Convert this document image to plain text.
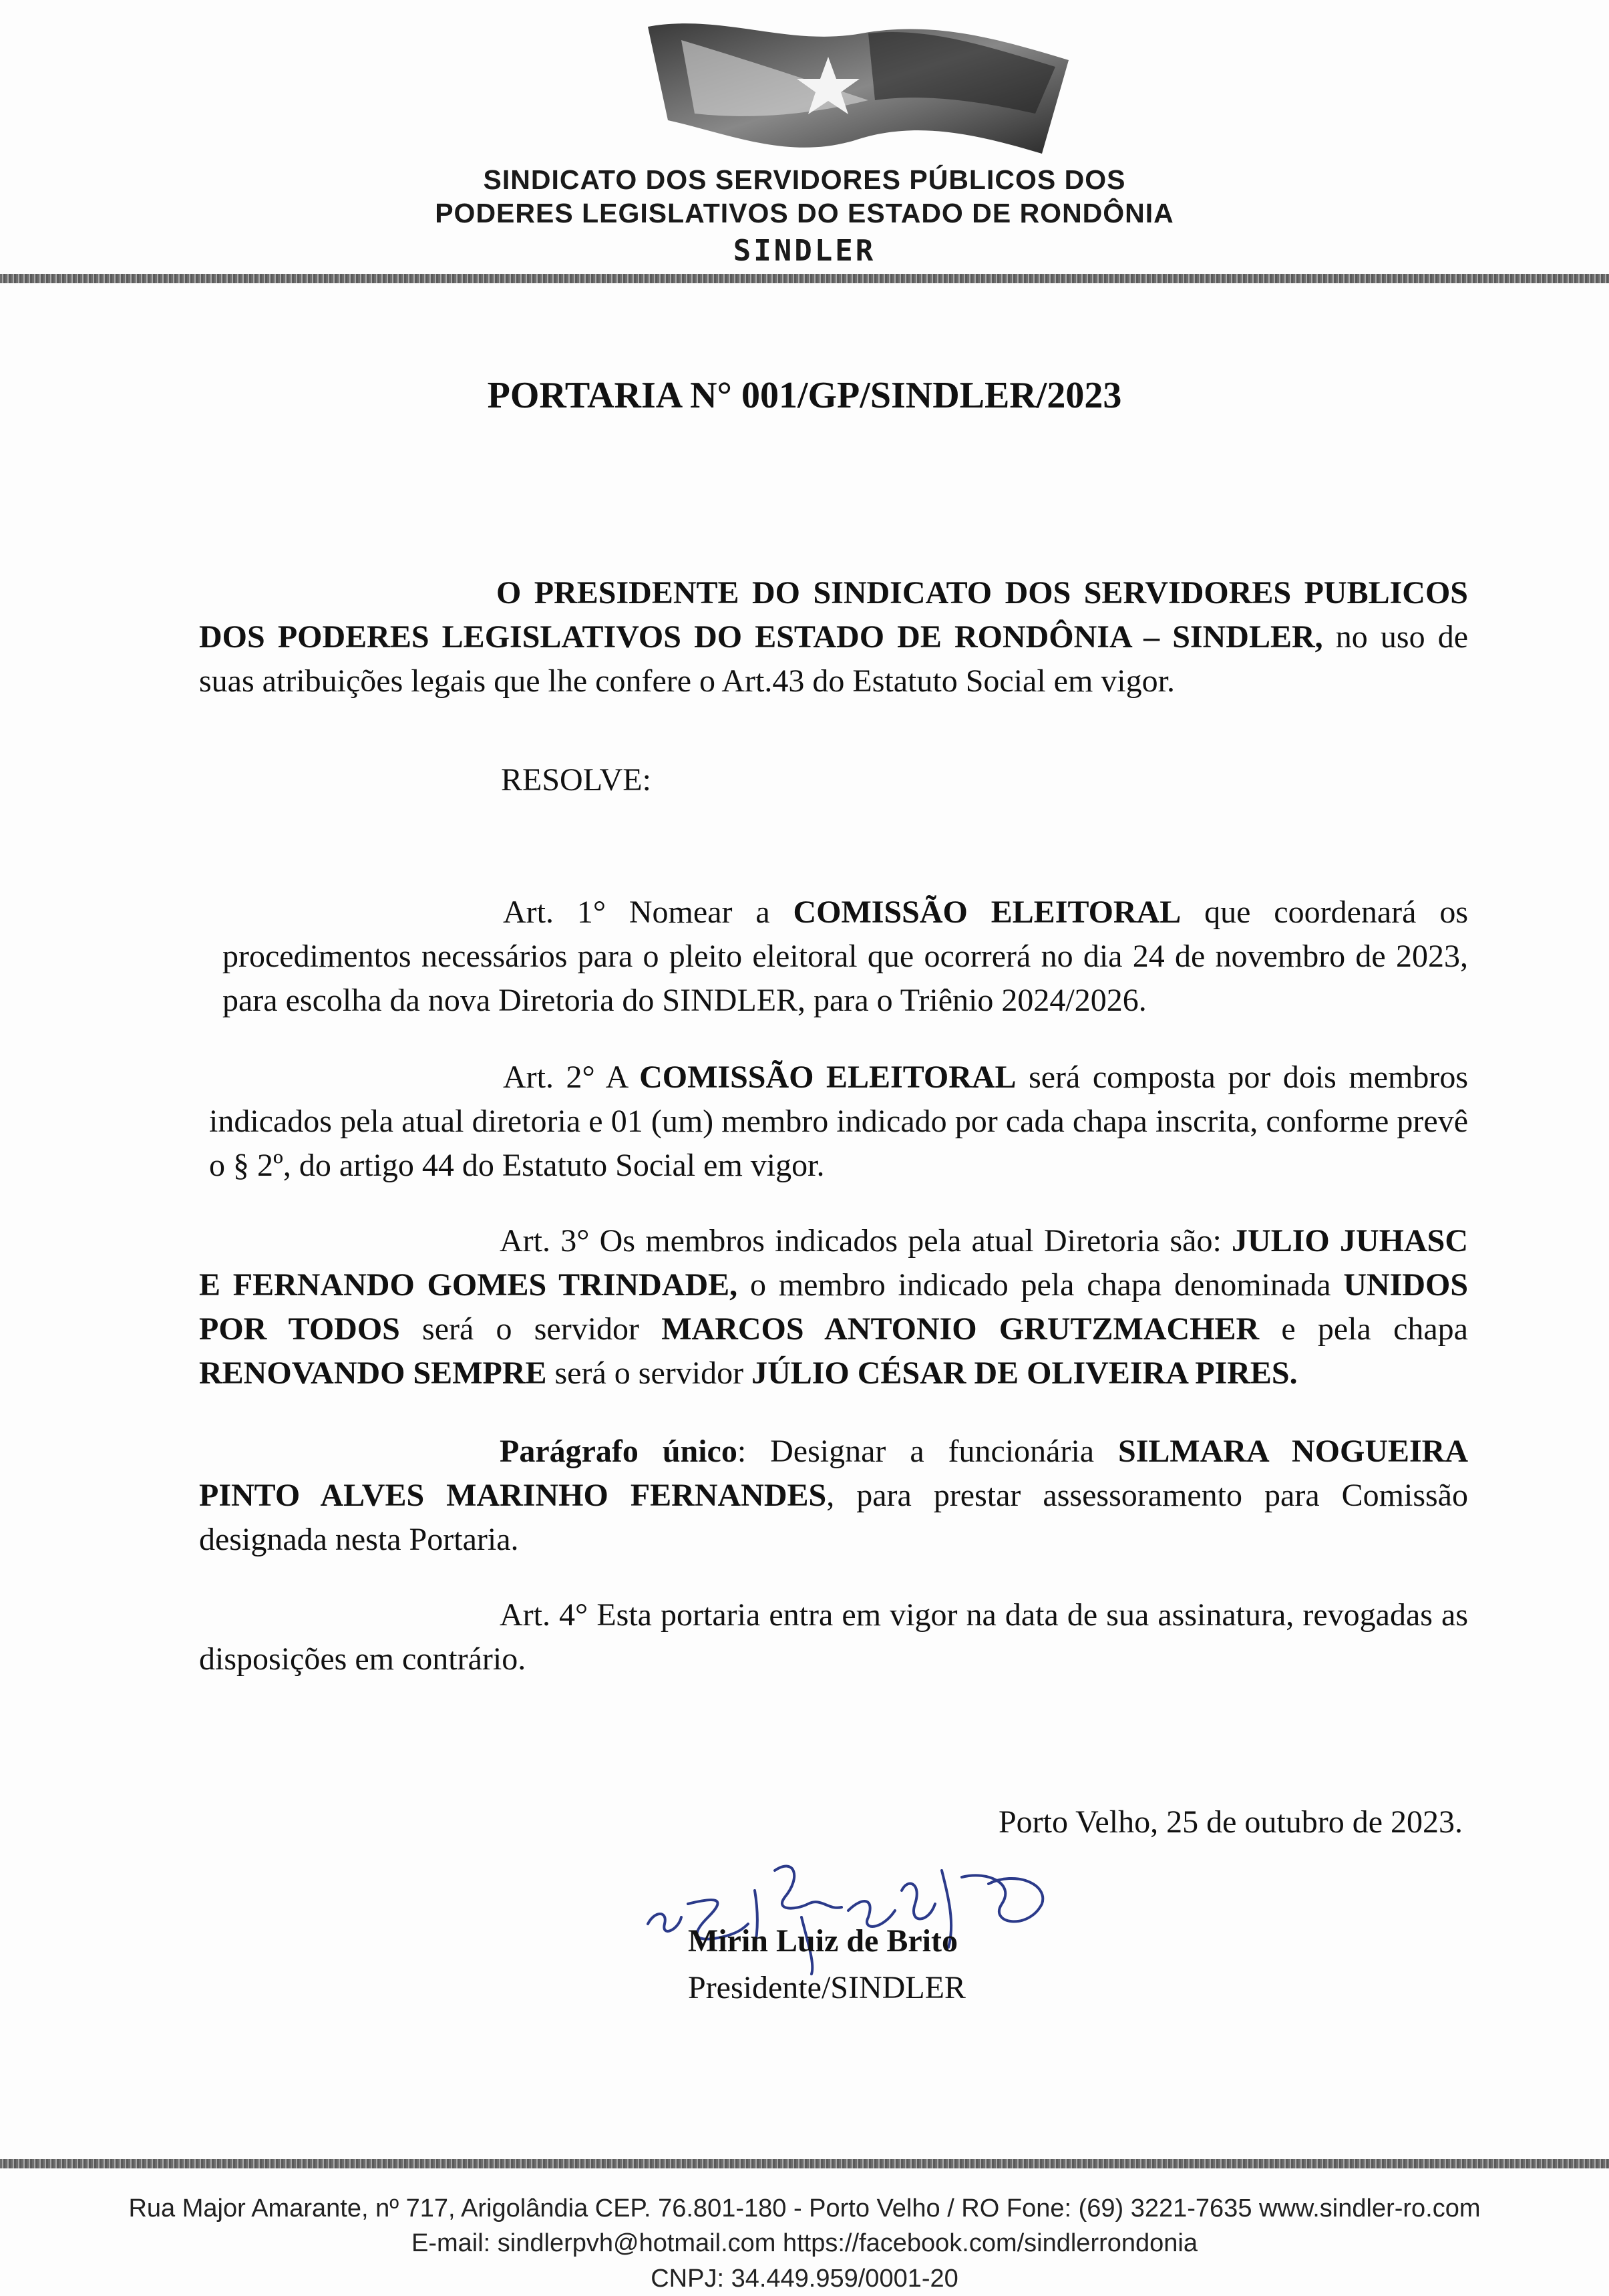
SINDICATO DOS SERVIDORES PÚBLICOS DOS
PODERES LEGISLATIVOS DO ESTADO DE RONDÔNIA
SINDLER
PORTARIA N° 001/GP/SINDLER/2023
O PRESIDENTE DO SINDICATO DOS SERVIDORES PUBLICOS DOS PODERES LEGISLATIVOS DO ESTADO DE RONDÔNIA – SINDLER, no uso de suas atribuições legais que lhe confere o Art.43 do Estatuto Social em vigor.
RESOLVE:
Art. 1° Nomear a COMISSÃO ELEITORAL que coordenará os procedimentos necessários para o pleito eleitoral que ocorrerá no dia 24 de novembro de 2023, para escolha da nova Diretoria do SINDLER, para o Triênio 2024/2026.
Art. 2° A COMISSÃO ELEITORAL será composta por dois membros indicados pela atual diretoria e 01 (um) membro indicado por cada chapa inscrita, conforme prevê o § 2º, do artigo 44 do Estatuto Social em vigor.
Art. 3° Os membros indicados pela atual Diretoria são: JULIO JUHASC E FERNANDO GOMES TRINDADE, o membro indicado pela chapa denominada UNIDOS POR TODOS será o servidor MARCOS ANTONIO GRUTZMACHER e pela chapa RENOVANDO SEMPRE será o servidor JÚLIO CÉSAR DE OLIVEIRA PIRES.
Parágrafo único: Designar a funcionária SILMARA NOGUEIRA PINTO ALVES MARINHO FERNANDES, para prestar assessoramento para Comissão designada nesta Portaria.
Art. 4° Esta portaria entra em vigor na data de sua assinatura, revogadas as disposições em contrário.
Porto Velho, 25 de outubro de 2023.
Mirin Luiz de Brito
Presidente/SINDLER
Rua Major Amarante, nº 717, Arigolândia CEP. 76.801-180 - Porto Velho / RO Fone: (69) 3221-7635 www.sindler-ro.com
E-mail: sindlerpvh@hotmail.com https://facebook.com/sindlerrondonia
CNPJ: 34.449.959/0001-20
